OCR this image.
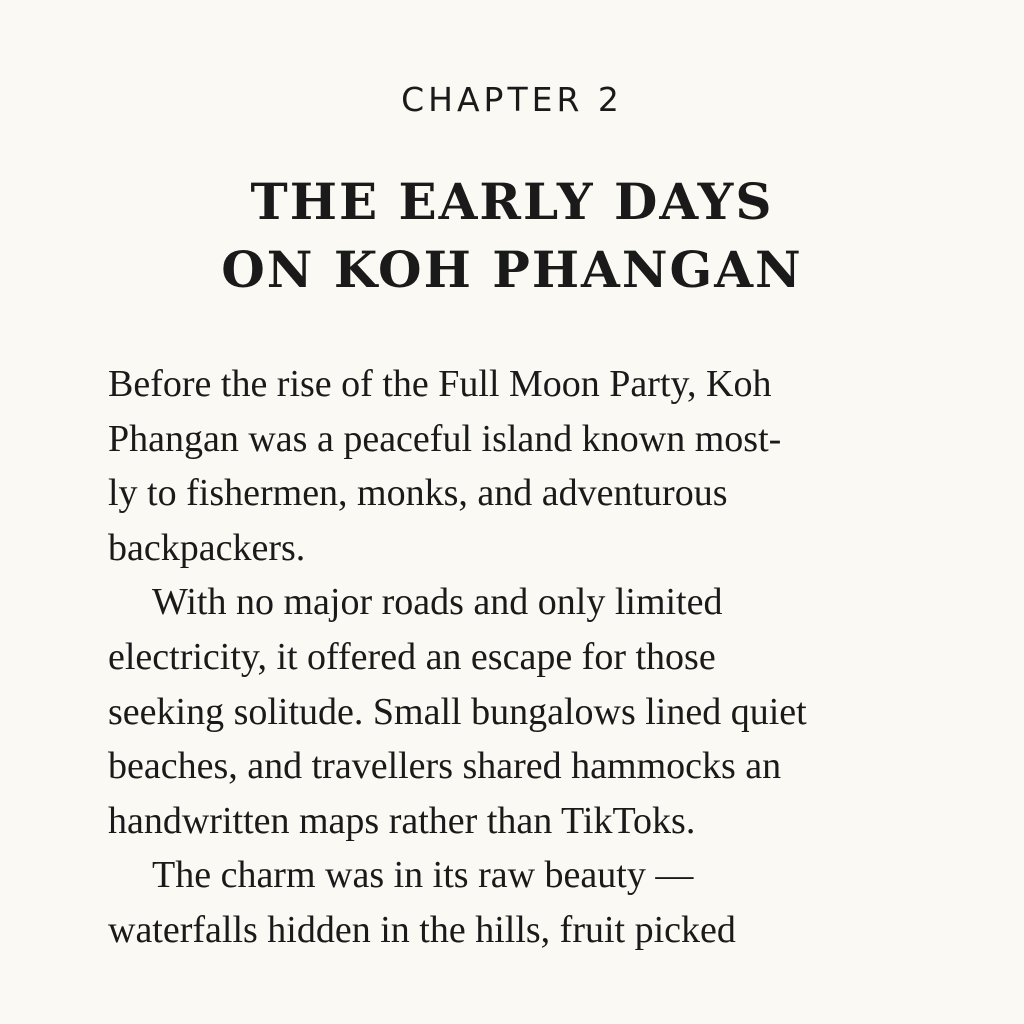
CHAPTER 2
THE EARLY DAYS
ON KOH PHANGAN
Before the rise of the Full Moon Party, Koh
Phangan was a peaceful island known most-
ly to fishermen, monks, and adventurous
backpackers.
With no major roads and only limited
electricity, it offered an escape for those
seeking solitude. Small bungalows lined quiet
beaches, and travellers shared hammocks an
handwritten maps rather than TikToks.
The charm was in its raw beauty —
waterfalls hidden in the hills, fruit picked
